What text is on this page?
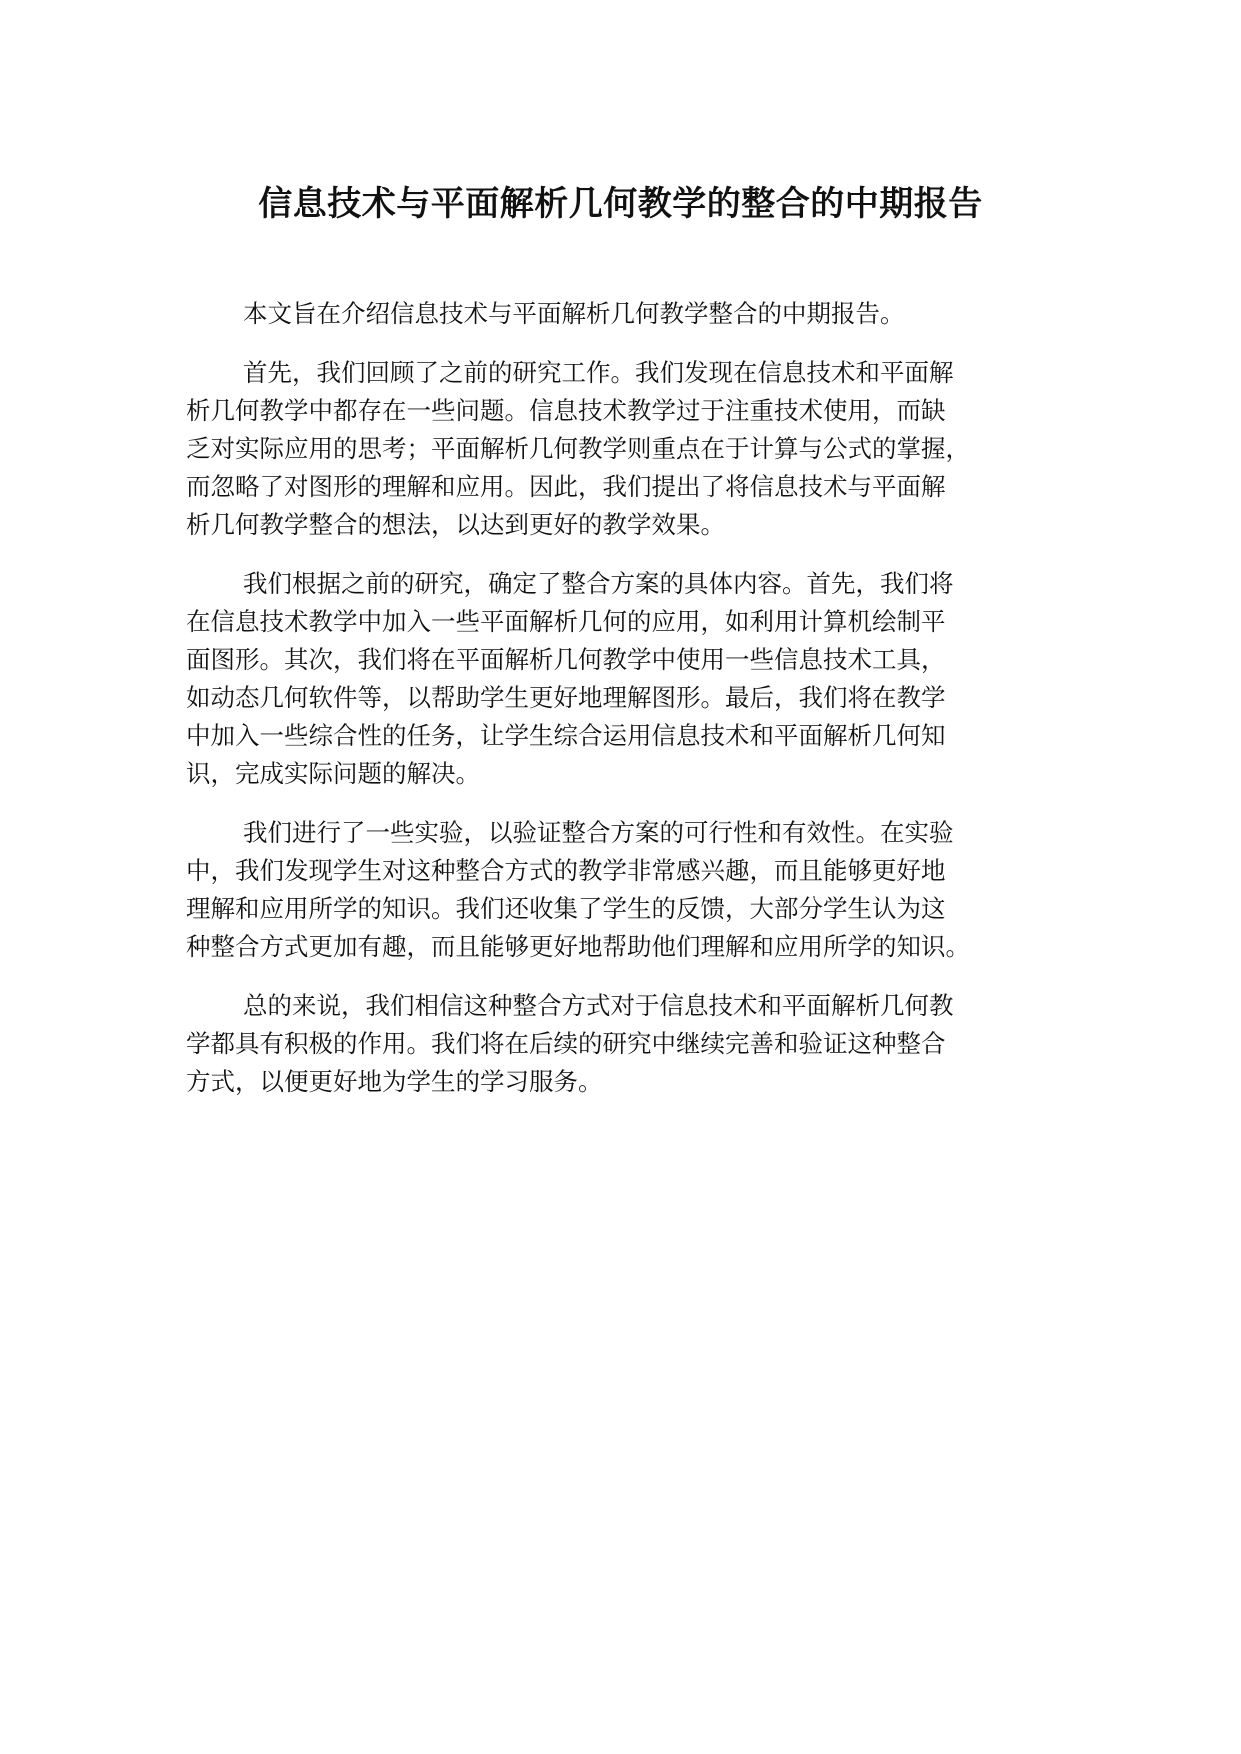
信息技术与平面解析几何教学的整合的中期报告

本文旨在介绍信息技术与平面解析几何教学整合的中期报告。

首先，我们回顾了之前的研究工作。我们发现在信息技术和平面解
析几何教学中都存在一些问题。信息技术教学过于注重技术使用，而缺
乏对实际应用的思考；平面解析几何教学则重点在于计算与公式的掌握，
而忽略了对图形的理解和应用。因此，我们提出了将信息技术与平面解
析几何教学整合的想法，以达到更好的教学效果。

我们根据之前的研究，确定了整合方案的具体内容。首先，我们将
在信息技术教学中加入一些平面解析几何的应用，如利用计算机绘制平
面图形。其次，我们将在平面解析几何教学中使用一些信息技术工具，
如动态几何软件等，以帮助学生更好地理解图形。最后，我们将在教学
中加入一些综合性的任务，让学生综合运用信息技术和平面解析几何知
识，完成实际问题的解决。

我们进行了一些实验，以验证整合方案的可行性和有效性。在实验
中，我们发现学生对这种整合方式的教学非常感兴趣，而且能够更好地
理解和应用所学的知识。我们还收集了学生的反馈，大部分学生认为这
种整合方式更加有趣，而且能够更好地帮助他们理解和应用所学的知识。

总的来说，我们相信这种整合方式对于信息技术和平面解析几何教
学都具有积极的作用。我们将在后续的研究中继续完善和验证这种整合
方式，以便更好地为学生的学习服务。
